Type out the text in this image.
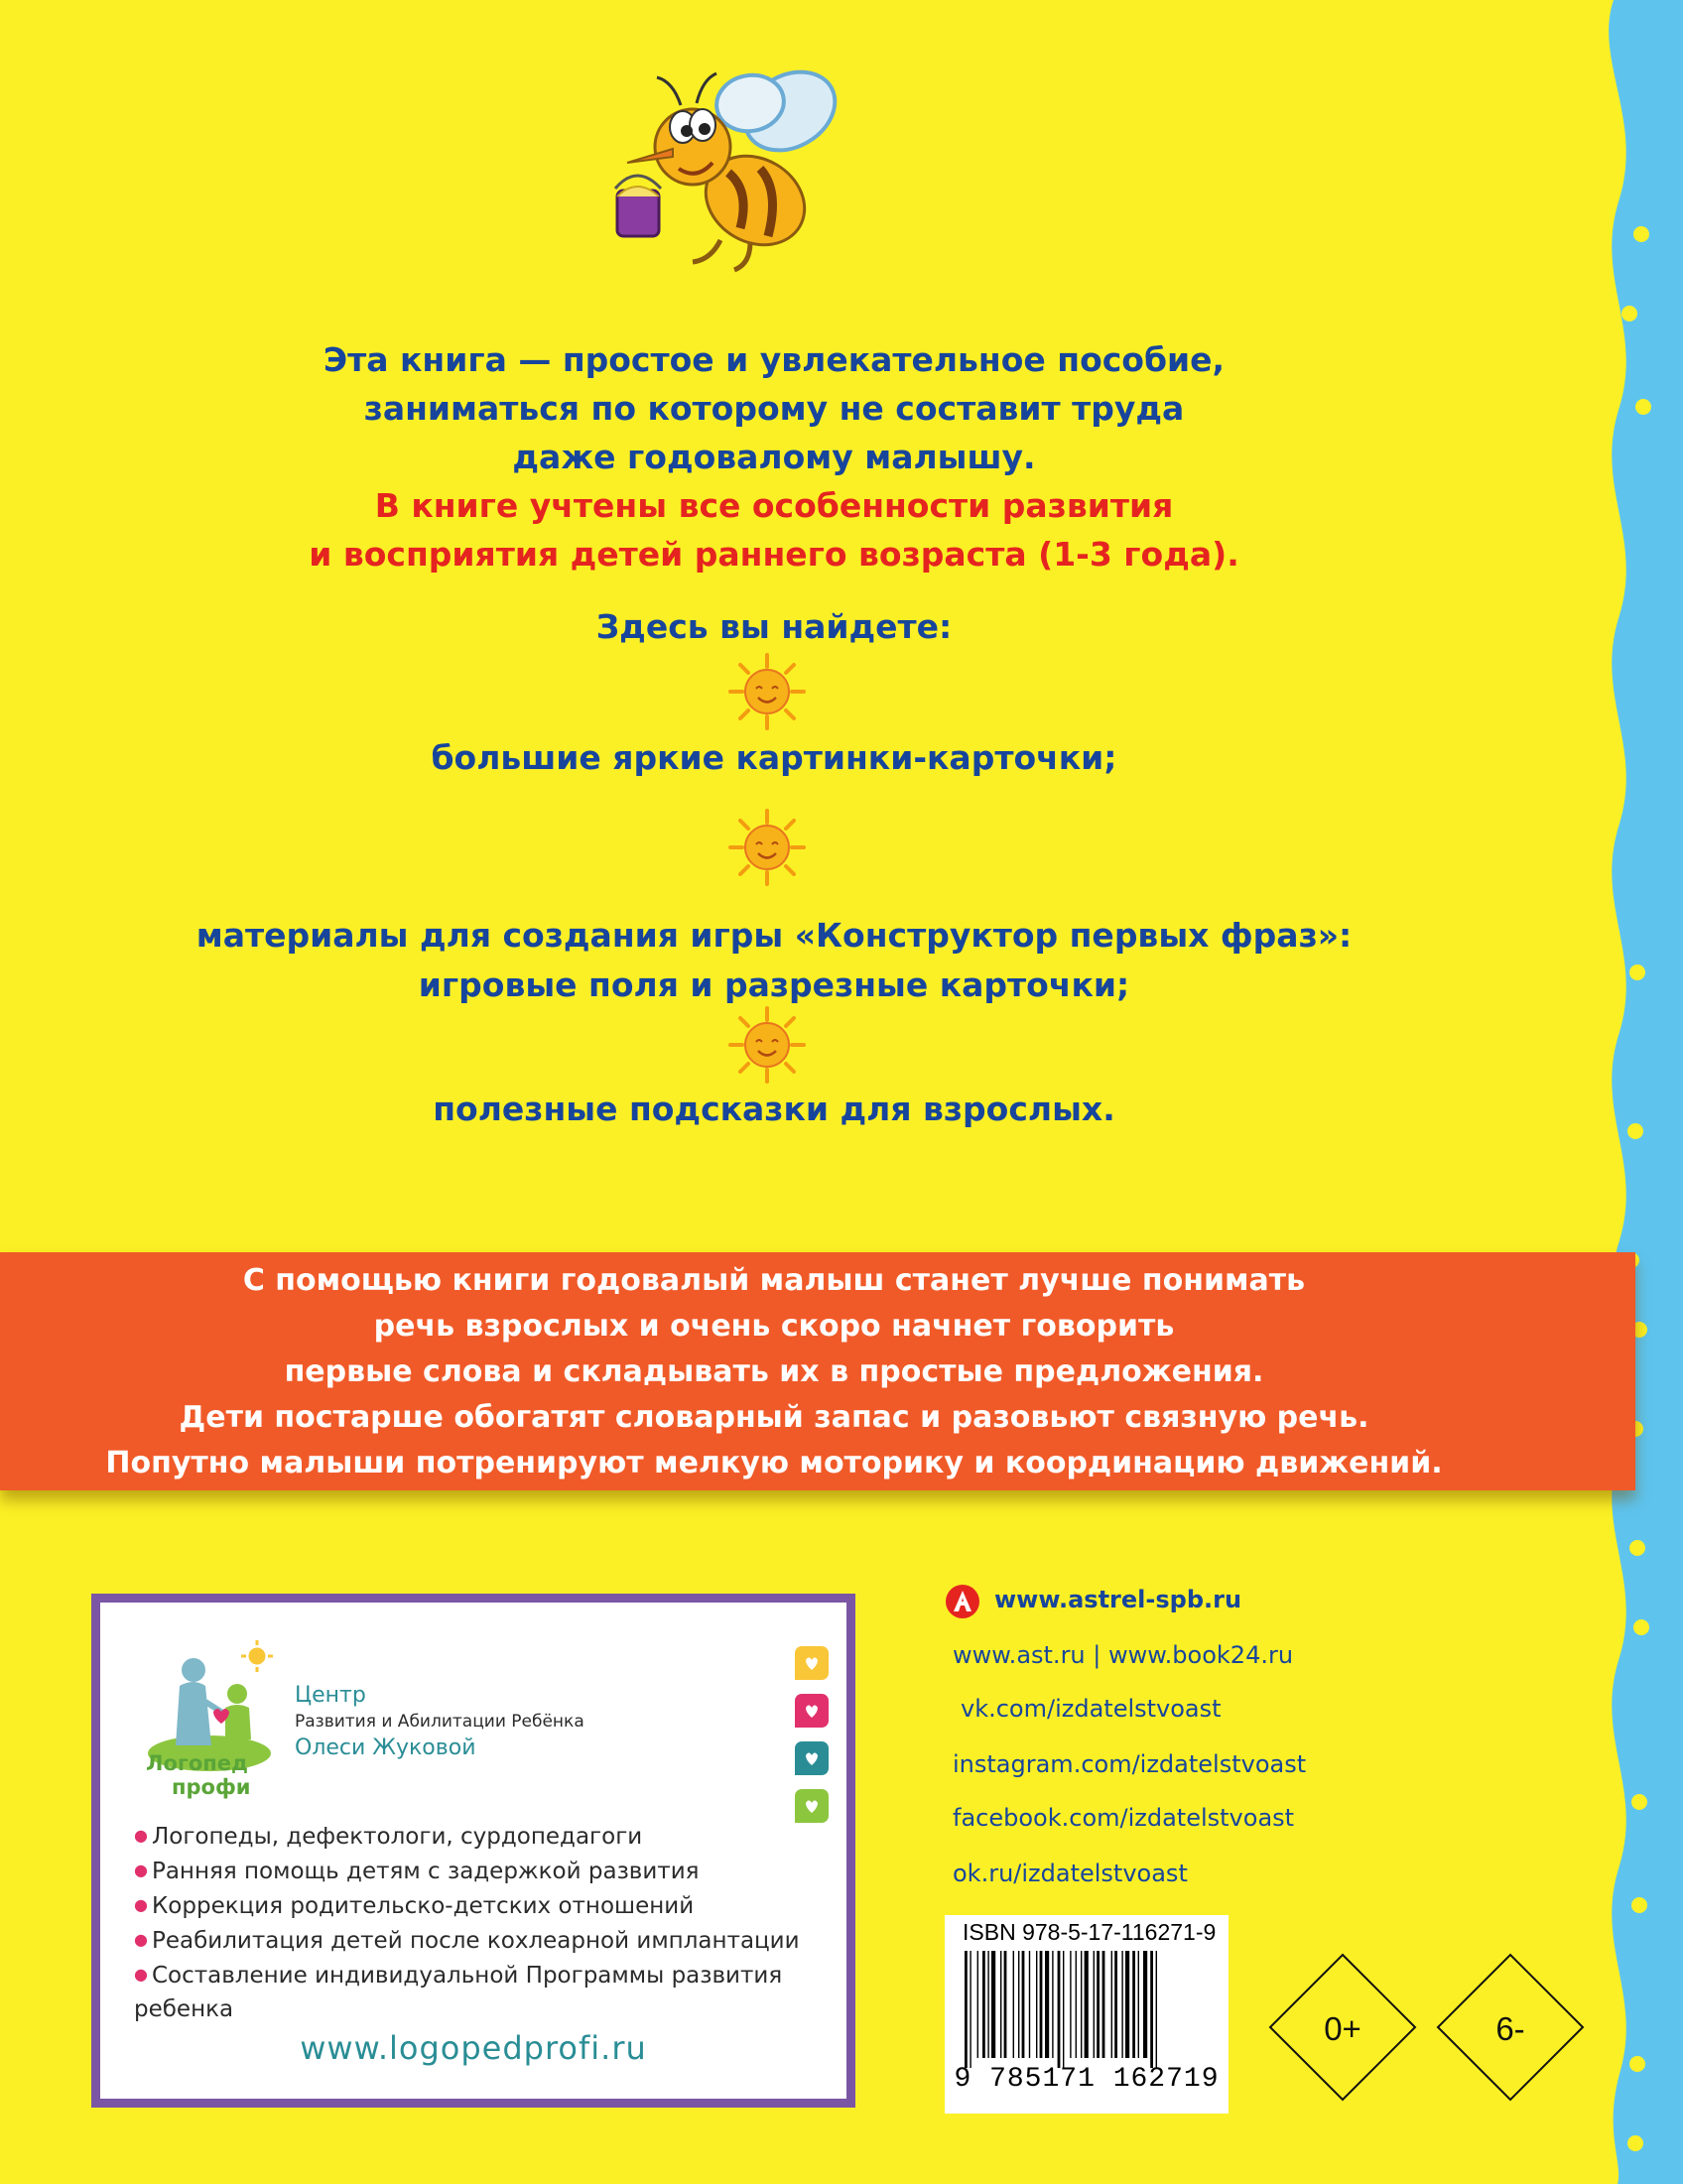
Эта книга — простое и увлекательное пособие,
заниматься по которому не составит труда
даже годовалому малышу.
В книге учтены все особенности развития
и восприятия детей раннего возраста (1-3 года).
Здесь вы найдете:
большие яркие картинки-карточки;
материалы для создания игры «Конструктор первых фраз»:
игровые поля и разрезные карточки;
полезные подсказки для взрослых.
С помощью книги годовалый малыш станет лучше понимать
речь взрослых и очень скоро начнет говорить
первые слова и складывать их в простые предложения.
Дети постарше обогатят словарный запас и разовьют связную речь.
Попутно малыши потренируют мелкую моторику и координацию движений.
Логопед
профи
Центр
Развития и Абилитации Ребёнка
Олеси Жуковой
● Логопеды, дефектологи, сурдопедагоги
● Ранняя помощь детям с задержкой развития
● Коррекция родительско-детских отношений
● Реабилитация детей после кохлеарной имплантации
● Составление индивидуальной Программы развития
ребенка
www.logopedprofi.ru
www.astrel-spb.ru
www.ast.ru | www.book24.ru
vk.com/izdatelstvoast
instagram.com/izdatelstvoast
facebook.com/izdatelstvoast
ok.ru/izdatelstvoast
ISBN 978-5-17-116271-9
9 785171 162719
0+	6-
